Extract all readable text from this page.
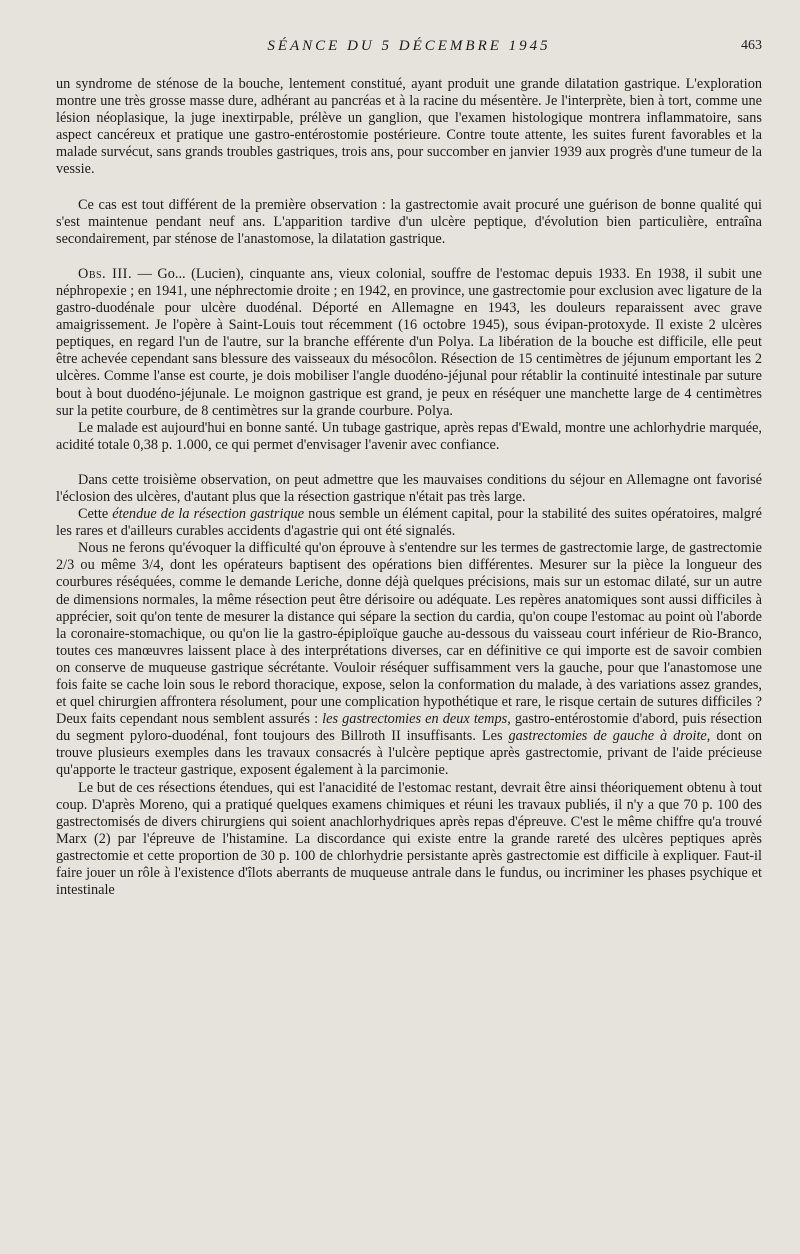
SÉANCE DU 5 DÉCEMBRE 1945	463

un syndrome de sténose de la bouche, lentement constitué, ayant produit une grande dilatation gastrique. L'exploration montre une très grosse masse dure, adhérant au pancréas et à la racine du mésentère. Je l'interprète, bien à tort, comme une lésion néoplasique, la juge inextirpable, prélève un ganglion, que l'examen histologique montrera inflammatoire, sans aspect cancéreux et pratique une gastro-entérostomie postérieure. Contre toute attente, les suites furent favorables et la malade survécut, sans grands troubles gastriques, trois ans, pour succomber en janvier 1939 aux progrès d'une tumeur de la vessie.

Ce cas est tout différent de la première observation : la gastrectomie avait procuré une guérison de bonne qualité qui s'est maintenue pendant neuf ans. L'apparition tardive d'un ulcère peptique, d'évolution bien particulière, entraîna secondairement, par sténose de l'anastomose, la dilatation gastrique.

Obs. III. — Go... (Lucien), cinquante ans, vieux colonial, souffre de l'estomac depuis 1933. En 1938, il subit une néphropexie ; en 1941, une néphrectomie droite ; en 1942, en province, une gastrectomie pour exclusion avec ligature de la gastro-duodénale pour ulcère duodénal. Déporté en Allemagne en 1943, les douleurs reparaissent avec grave amaigrissement. Je l'opère à Saint-Louis tout récemment (16 octobre 1945), sous évipan-protoxyde. Il existe 2 ulcères peptiques, en regard l'un de l'autre, sur la branche efférente d'un Polya. La libération de la bouche est difficile, elle peut être achevée cependant sans blessure des vaisseaux du mésocôlon. Résection de 15 centimètres de jéjunum emportant les 2 ulcères. Comme l'anse est courte, je dois mobiliser l'angle duodéno-jéjunal pour rétablir la continuité intestinale par suture bout à bout duodéno-jéjunale. Le moignon gastrique est grand, je peux en réséquer une manchette large de 4 centimètres sur la petite courbure, de 8 centimètres sur la grande courbure. Polya.

Le malade est aujourd'hui en bonne santé. Un tubage gastrique, après repas d'Ewald, montre une achlorhydrie marquée, acidité totale 0,38 p. 1.000, ce qui permet d'envisager l'avenir avec confiance.

Dans cette troisième observation, on peut admettre que les mauvaises conditions du séjour en Allemagne ont favorisé l'éclosion des ulcères, d'autant plus que la résection gastrique n'était pas très large.

Cette étendue de la résection gastrique nous semble un élément capital, pour la stabilité des suites opératoires, malgré les rares et d'ailleurs curables accidents d'agastrie qui ont été signalés.

Nous ne ferons qu'évoquer la difficulté qu'on éprouve à s'entendre sur les termes de gastrectomie large, de gastrectomie 2/3 ou même 3/4, dont les opérateurs baptisent des opérations bien différentes. Mesurer sur la pièce la longueur des courbures réséquées, comme le demande Leriche, donne déjà quelques précisions, mais sur un estomac dilaté, sur un autre de dimensions normales, la même résection peut être dérisoire ou adéquate. Les repères anatomiques sont aussi difficiles à apprécier, soit qu'on tente de mesurer la distance qui sépare la section du cardia, qu'on coupe l'estomac au point où l'aborde la coronaire-stomachique, ou qu'on lie la gastro-épiploïque gauche au-dessous du vaisseau court inférieur de Rio-Branco, toutes ces manœuvres laissent place à des interprétations diverses, car en définitive ce qui importe est de savoir combien on conserve de muqueuse gastrique sécrétante. Vouloir réséquer suffisamment vers la gauche, pour que l'anastomose une fois faite se cache loin sous le rebord thoracique, expose, selon la conformation du malade, à des variations assez grandes, et quel chirurgien affrontera résolument, pour une complication hypothétique et rare, le risque certain de sutures difficiles ? Deux faits cependant nous semblent assurés : les gastrectomies en deux temps, gastro-entérostomie d'abord, puis résection du segment pyloro-duodénal, font toujours des Billroth II insuffisants. Les gastrectomies de gauche à droite, dont on trouve plusieurs exemples dans les travaux consacrés à l'ulcère peptique après gastrectomie, privant de l'aide précieuse qu'apporte le tracteur gastrique, exposent également à la parcimonie.

Le but de ces résections étendues, qui est l'anacidité de l'estomac restant, devrait être ainsi théoriquement obtenu à tout coup. D'après Moreno, qui a pratiqué quelques examens chimiques et réuni les travaux publiés, il n'y a que 70 p. 100 des gastrectomisés de divers chirurgiens qui soient anachlorhydriques après repas d'épreuve. C'est le même chiffre qu'a trouvé Marx (2) par l'épreuve de l'histamine. La discordance qui existe entre la grande rareté des ulcères peptiques après gastrectomie et cette proportion de 30 p. 100 de chlorhydrie persistante après gastrectomie est difficile à expliquer. Faut-il faire jouer un rôle à l'existence d'îlots aberrants de muqueuse antrale dans le fundus, ou incriminer les phases psychique et intestinale
